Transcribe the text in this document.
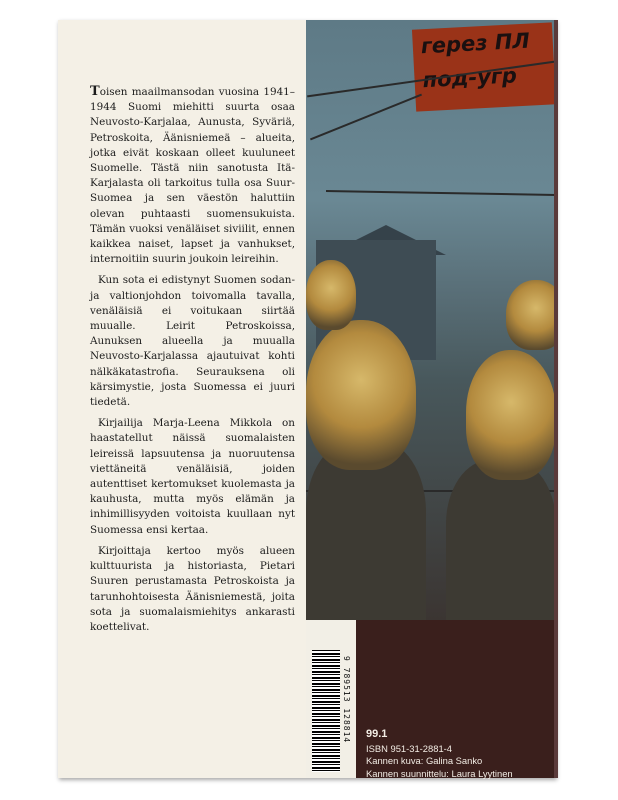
Toisen maailmansodan vuosina 1941–1944 Suomi miehitti suurta osaa Neuvosto-Karjalaa, Aunusta, Syväriä, Petroskoita, Äänisniemeä – alueita, jotka eivät koskaan olleet kuuluneet Suomelle. Tästä niin sanotusta Itä-Karjalasta oli tarkoitus tulla osa Suur-Suomea ja sen väestön haluttiin olevan puhtaasti suomensukuista. Tämän vuoksi venäläiset siviilit, ennen kaikkea naiset, lapset ja vanhukset, internoitiin suurin joukoin leireihin.

Kun sota ei edistynyt Suomen sodan- ja valtionjohdon toivomalla tavalla, venäläisiä ei voitukaan siirtää muualle. Leirit Petroskoissa, Aunuksen alueella ja muualla Neuvosto-Karjalassa ajautuivat kohti nälkäkatastrofia. Seurauksena oli kärsimystie, josta Suomessa ei juuri tiedetä.

Kirjailija Marja-Leena Mikkola on haastatellut näissä suomalaisten leireissä lapsuutensa ja nuoruutensa viettäneitä venäläisiä, joiden autenttiset kertomukset kuolemasta ja kauhusta, mutta myös elämän ja inhimillisyyden voitoista kuullaan nyt Suomessa ensi kertaa.

Kirjoittaja kertoo myös alueen kulttuurista ja historiasta, Pietari Suuren perustamasta Petroskoista ja tarunhohtoisesta Äänisniemestä, joita sota ja suomalaismiehitys ankarasti koettelivat.

герез ПЛ
под-угр
9 789513 128814 99.1
ISBN 951-31-2881-4
Kannen kuva: Galina Sanko
Kannen suunnittelu: Laura Lyytinen
